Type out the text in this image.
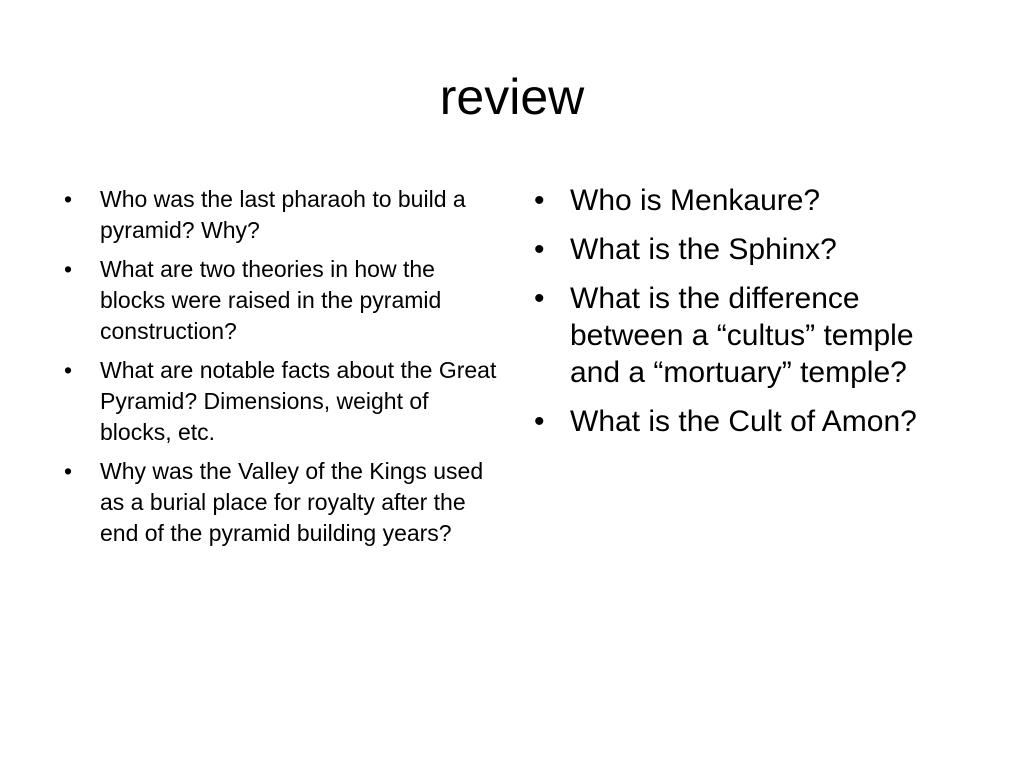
review
• Who was the last pharaoh to build a pyramid? Why?
• What are two theories in how the blocks were raised in the pyramid construction?
• What are notable facts about the Great Pyramid? Dimensions, weight of blocks, etc.
• Why was the Valley of the Kings used as a burial place for royalty after the end of the pyramid building years?
• Who is Menkaure?
• What is the Sphinx?
• What is the difference between a “cultus” temple and a “mortuary” temple?
• What is the Cult of Amon?
